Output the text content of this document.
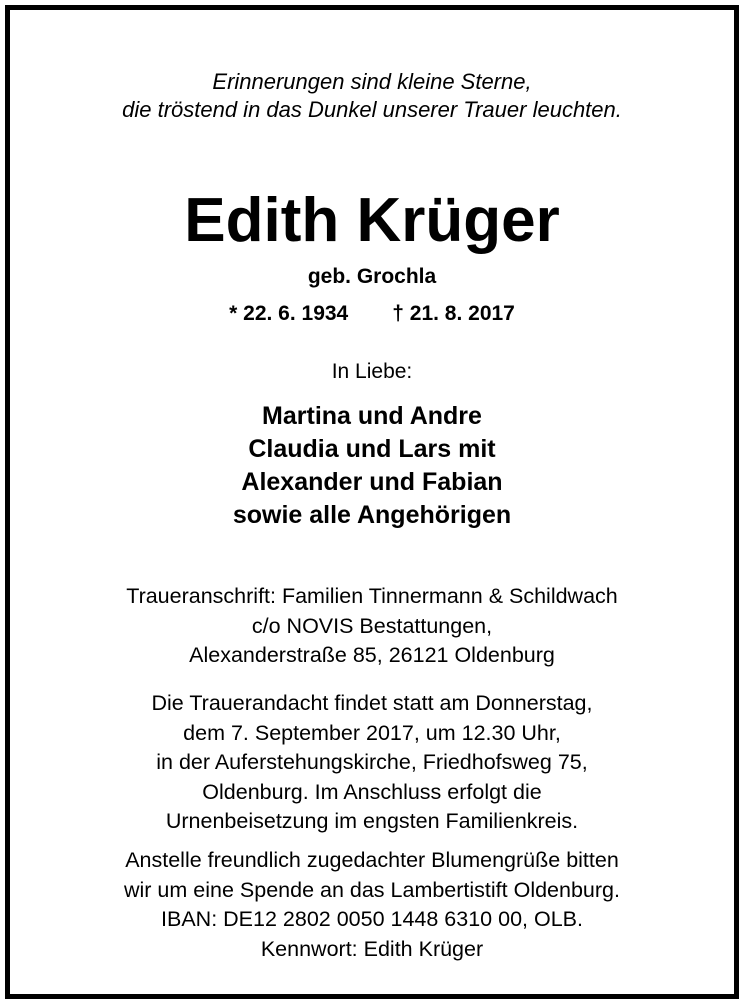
Erinnerungen sind kleine Sterne,
die tröstend in das Dunkel unserer Trauer leuchten.
Edith Krüger
geb. Grochla
* 22. 6. 1934 † 21. 8. 2017
In Liebe:
Martina und Andre
Claudia und Lars mit
Alexander und Fabian
sowie alle Angehörigen
Traueranschrift: Familien Tinnermann & Schildwach
c/o NOVIS Bestattungen,
Alexanderstraße 85, 26121 Oldenburg
Die Trauerandacht findet statt am Donnerstag,
dem 7. September 2017, um 12.30 Uhr,
in der Auferstehungskirche, Friedhofsweg 75,
Oldenburg. Im Anschluss erfolgt die
Urnenbeisetzung im engsten Familienkreis.
Anstelle freundlich zugedachter Blumengrüße bitten
wir um eine Spende an das Lambertistift Oldenburg.
IBAN: DE12 2802 0050 1448 6310 00, OLB.
Kennwort: Edith Krüger
